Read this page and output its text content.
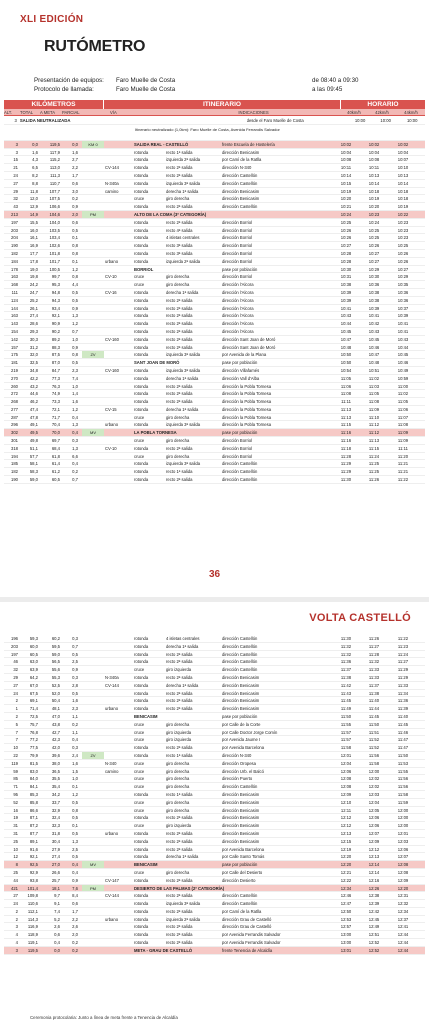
XLI EDICIÓN
RUTÓMETRO
Presentación de equipos:
Protocolo de llamada:
Faro Muelle de Costa
Faro Muelle de Costa
de 08:40 a 09:30
a las 09:45
KILÓMETROS	ITINERARIO	HORARIO
ALT.	TOTAL	A META	PARCIAL	VÍA	INDICACIONES	40km/h	42km/h	44km/h
3 SALIDA NEUTRALIZADA	desde el Faro Muelle de Costa	10:00	10:00	10:00
Itinerario neutralizado (1,0km): Faro Muelle de Costa, Avenida Ferrandis Salvador
3	0,0	119,5	0,0	KM 0	SALIDA REAL - CASTELLÓ	frente Escuela de Hostelería	10:02	10:02	10:02
3	1,6	117,9	1,6	rotonda	recto 1ª salida	dirección Benicasim	10:04	10:04	10:04
15	4,3	115,2	2,7	rotonda	izquierda 2ª salida	por Camí de la Ratlla	10:08	10:08	10:07
21	6,5	113,0	2,2	CV-144	rotonda	recto 2ª salida	dirección N-340	10:11	10:11	10:10
24	8,2	111,3	1,7	rotonda	recto 2ª salida	dirección Castellón	10:14	10:13	10:13
27	8,8	110,7	0,6	N-340a	rotonda	izquierda 3ª salida	dirección Castellón	10:15	10:14	10:14
29	11,8	107,7	3,0	camino	rotonda	derecha 1ª salida	dirección Benicasim	10:19	10:18	10:18
32	12,0	107,5	0,2	cruce	giro derecha	dirección Benicasim	10:20	10:19	10:18
43	12,9	106,6	0,9	rotonda	recto 2ª salida	dirección Castellón	10:21	10:20	10:19
213	14,9	104,6	2,0	PM	ALTO DE LA COMA (3ª CATEGORÍA)	10:24	10:23	10:22
197	15,5	104,0	0,6	rotonda	recto 2ª salida	dirección Borriol	10:25	10:24	10:23
203	16,0	103,5	0,5	rotonda	recto 4ª salida	dirección Borriol	10:26	10:25	10:23
204	16,1	103,4	0,1	rotonda	4 isletas centrales	dirección Borriol	10:26	10:25	10:23
190	16,9	102,6	0,8	rotonda	recto 3ª salida	dirección Borriol	10:27	10:26	10:25
182	17,7	101,8	0,8	rotonda	recto 3ª salida	dirección Borriol	10:28	10:27	10:26
184	17,8	101,7	0,1	urbano	rotonda	izquierda 2ª salida	dirección Borriol	10:28	10:27	10:26
178	19,0	100,5	1,2	BORRIOL	pase por población	10:30	10:29	10:27
163	19,8	99,7	0,8	CV-10	cruce	giro derecha	dirección Borriol	10:31	10:30	10:29
168	24,2	95,3	4,4	cruce	giro derecha	dirección l'Alcora	10:38	10:36	10:35
111	24,7	94,8	0,5	CV-16	rotonda	derecha 1ª salida	dirección l'Alcora	10:39	10:38	10:36
124	25,2	94,3	0,5	rotonda	recto 2ª salida	dirección l'Alcora	10:39	10:38	10:36
144	26,1	93,4	0,9	rotonda	recto 2ª salida	dirección l'Alcora	10:41	10:39	10:37
163	27,4	92,1	1,3	rotonda	recto 2ª salida	dirección l'Alcora	10:43	10:41	10:39
143	28,6	90,9	1,2	rotonda	recto 2ª salida	dirección l'Alcora	10:44	10:42	10:41
154	29,3	90,2	0,7	rotonda	recto 2ª salida	dirección l'Alcora	10:45	10:43	10:41
142	30,3	89,2	1,0	CV-160	rotonda	recto 2ª salida	dirección Sant Joan de Moró	10:47	10:45	10:43
157	31,2	88,3	0,9	rotonda	recto 2ª salida	dirección Sant Joan de Moró	10:48	10:46	10:44
175	32,0	87,5	0,8	ZV	rotonda	izquierda 3ª salida	por Avenida de la Plana	10:50	10:47	10:45
181	32,5	87,0	0,5	SANT JOAN DE MORÓ	pase por población	10:50	10:48	10:46
219	34,8	84,7	2,3	CV-160	rotonda	izquierda 3ª salida	dirección Villafamés	10:54	10:51	10:49
270	42,2	77,3	7,4	rotonda	derecha 1ª salida	dirección Vall d'Alba	11:05	11:02	10:59
260	43,2	76,3	1,0	rotonda	recto 2ª salida	dirección la Pobla Tornesa	11:06	11:03	11:00
272	44,6	74,9	1,4	rotonda	recto 2ª salida	dirección la Pobla Tornesa	11:08	11:05	11:02
268	46,2	73,3	1,6	rotonda	recto 2ª salida	dirección la Pobla Tornesa	11:11	11:08	11:05
277	47,4	72,1	1,2	CV-15	rotonda	derecha 1ª salida	dirección la Pobla Tornesa	11:13	11:09	11:06
287	47,8	71,7	0,4	cruce	giro derecha	dirección la Pobla Tornesa	11:13	11:10	11:07
296	49,1	70,4	1,3	urbano	rotonda	izquierda 3ª salida	dirección la Pobla Tornesa	11:15	11:12	11:08
302	49,5	70,0	0,4	MV	LA POBLA TORNESA	pase por población	11:16	11:12	11:09
301	49,8	69,7	0,3	cruce	giro derecha	dirección Borriol	11:16	11:13	11:09
318	51,1	68,4	1,3	CV-10	rotonda	recto 2ª salida	dirección Borriol	11:18	11:15	11:11
194	57,7	61,8	6,6	cruce	giro derecha	dirección Borriol	11:28	11:24	11:20
185	58,1	61,4	0,4	rotonda	izquierda 3ª salida	dirección Castellón	11:29	11:25	11:21
182	58,3	61,2	0,2	rotonda	recto 1ª salida	dirección Castellón	11:29	11:25	11:21
190	59,0	60,5	0,7	rotonda	recto 2ª salida	dirección Castellón	11:30	11:26	11:22
36
VOLTA CASTELLÓ
196	59,3	60,2	0,3	rotonda	4 isletas centrales	dirección Castellón	11:30	11:26	11:22
203	60,0	59,5	0,7	rotonda	derecha 1ª salida	dirección Castellón	11:32	11:27	11:23
197	60,5	59,0	0,5	rotonda	recto 2ª salida	dirección Castellón	11:32	11:28	11:24
46	63,0	56,5	2,5	rotonda	recto 2ª salida	dirección Castellón	11:36	11:32	11:27
32	63,9	55,6	0,9	cruce	giro izquierda	dirección Castellón	11:37	11:33	11:29
29	64,2	55,3	0,3	N-340a	rotonda	recto 2ª salida	dirección Benicasim	11:38	11:33	11:29
27	67,0	52,5	2,8	CV-144	rotonda	derecha 1ª salida	dirección Benicasim	11:42	11:37	11:33
24	67,5	52,0	0,5	rotonda	recto 2ª salida	dirección Benicasim	11:43	11:38	11:34
2	69,1	50,4	1,6	rotonda	recto 2ª salida	dirección Benicasim	11:45	11:40	11:36
1	71,4	48,1	2,3	urbano	rotonda	recto 2ª salida	dirección Benicasim	11:49	11:44	11:39
2	72,5	47,0	1,1	BENICASIM	pase por población	11:50	11:45	11:40
5	75,7	43,8	0,2	cruce	giro derecha	por Calle de la Corte	11:55	11:50	11:45
7	76,8	42,7	1,1	cruce	giro izquierda	por Calle Doctor Jorge Comín	11:57	11:51	11:46
7	77,2	42,3	0,4	cruce	giro izquierda	por Avenida Jaume I	11:57	11:52	11:47
10	77,5	42,0	0,3	rotonda	recto 2ª salida	por Avenida Barcelona	11:58	11:52	11:47
22	79,9	39,6	2,4	ZV	rotonda	recto 1ª salida	dirección N-340	12:01	11:56	11:50
119	81,5	38,0	1,6	N-340	cruce	giro derecha	dirección Oropesa	12:04	11:58	11:53
59	83,0	36,5	1,5	camino	cruce	giro derecha	dirección Urb. el Balcó	12:06	12:00	11:55
85	84,0	35,5	1,0	cruce	giro derecha	dirección Puerto	12:08	12:02	11:56
71	84,1	35,4	0,1	cruce	giro derecha	dirección Castellón	12:08	12:02	11:56
95	85,3	34,2	1,2	rotonda	recto 1ª salida	dirección Benicasim	12:09	12:03	11:58
52	85,8	33,7	0,5	cruce	giro derecha	dirección Benicasim	12:10	12:04	11:59
16	86,6	32,9	0,8	cruce	giro derecha	dirección Benicasim	12:11	12:05	12:00
19	87,1	32,4	0,5	rotonda	recto 2ª salida	dirección Benicasim	12:12	12:06	12:00
31	87,2	32,3	0,1	cruce	giro izquierda	dirección Benicasim	12:12	12:06	12:00
31	87,7	31,8	0,5	urbano	rotonda	recto 2ª salida	dirección Benicasim	12:13	12:07	12:01
25	89,1	30,4	1,3	rotonda	recto 2ª salida	dirección Benicasim	12:15	12:09	12:03
10	91,6	27,9	2,5	rotonda	recto 2ª salida	por Avenida Barcelona	12:19	12:12	12:06
12	92,1	27,4	0,5	rotonda	derecha 1ª salida	por Calle Santo Tomás	12:20	12:13	12:07
8	92,5	27,0	0,4	MV	BENICASIM	pase por población	12:20	12:14	12:08
25	92,9	26,6	0,4	cruce	giro derecha	por Calle del Desierto	12:21	12:14	12:08
44	93,8	25,7	0,9	CV-147	rotonda	recto 2ª salida	dirección Desierto	12:22	12:16	12:09
421	101,4	18,1	7,6	PM	DESIERTO DE LAS PALMAS (2ª CATEGORÍA)	12:34	12:26	12:20
27	109,8	9,7	8,4	CV-144	rotonda	recto 2ª salida	dirección Castellón	12:46	12:38	12:31
24	110,6	9,1	0,6	rotonda	izquierda 3ª salida	dirección Castellón	12:47	12:39	12:32
2	112,1	7,4	1,7	rotonda	recto 2ª salida	por Camí de la Ratlla	12:50	12:42	12:34
2	114,3	5,2	2,2	urbano	rotonda	izquierda 2ª salida	dirección Grau de Castelló	12:53	12:45	12:37
3	116,9	2,6	2,6	rotonda	recto 2ª salida	dirección Grau de Castelló	12:57	12:49	12:41
4	118,9	0,6	2,0	rotonda	recto 2ª salida	por Avenida Ferrandis Salvador	13:00	12:51	12:44
4	119,1	0,4	0,2	rotonda	recto 2ª salida	por Avenida Ferrandis Salvador	13:00	12:52	12:44
3	119,5	0,0	0,2	META - GRAU DE CASTELLÓ	frente Tenencia de Alcaldía	13:01	12:52	12:44
Ceremonia protocolaria: Junto a línea de meta frente a Tenencia de Alcaldía
